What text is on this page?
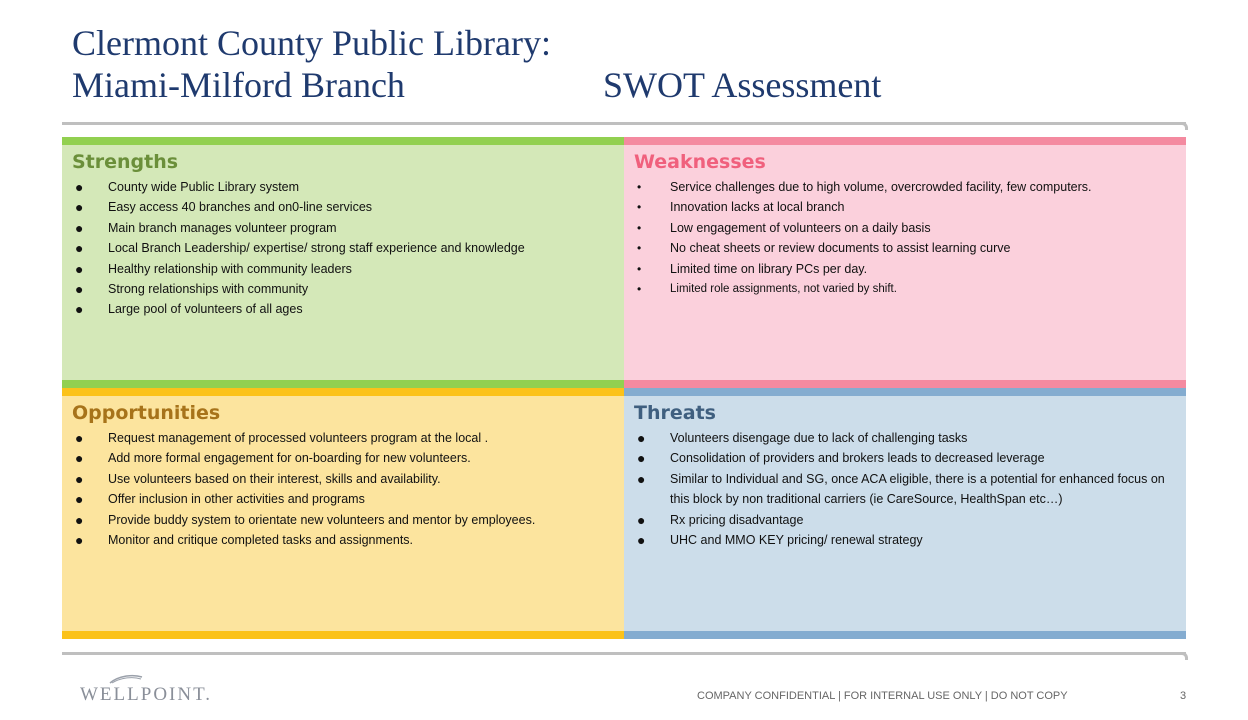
Clermont County Public Library:
Miami-Milford Branch	SWOT Assessment
Strengths
● County wide Public Library system
● Easy access 40 branches and on0-line services
● Main branch manages volunteer program
● Local Branch Leadership/ expertise/ strong staff experience and knowledge
● Healthy relationship with community leaders
● Strong relationships with community
● Large pool of volunteers of all ages
Weaknesses
• Service challenges due to high volume, overcrowded facility, few computers.
• Innovation lacks at local branch
• Low engagement of volunteers on a daily basis
• No cheat sheets or review documents to assist learning curve
• Limited time on library PCs per day.
•	Limited role assignments, not varied by shift.
Opportunities
● Request management of processed volunteers program at the local .
● Add more formal engagement for on-boarding for new volunteers.
● Use volunteers based on their interest, skills and availability.
● Offer inclusion in other activities and programs
● Provide buddy system to orientate new volunteers and mentor by employees.
● Monitor and critique completed tasks and assignments.
Threats
● Volunteers disengage due to lack of challenging tasks
● Consolidation of providers and brokers leads to decreased leverage
● Similar to Individual and SG, once ACA eligible, there is a potential for enhanced focus on this block by non traditional carriers (ie CareSource, HealthSpan etc…)
● Rx pricing disadvantage
● UHC and MMO KEY pricing/ renewal strategy
WELLPOINT.	COMPANY CONFIDENTIAL | FOR INTERNAL USE ONLY | DO NOT COPY	3
